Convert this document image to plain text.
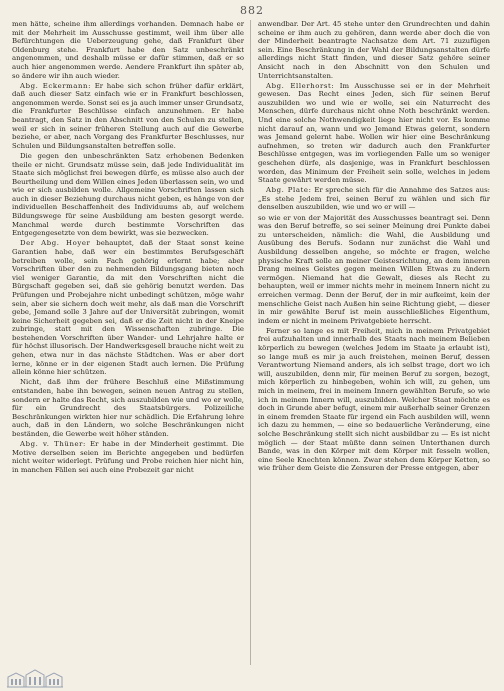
882

men hätte, scheine ihm allerdings vorhanden. Demnach habe er mit der Mehrheit im Ausschusse gestimmt, weil ihm über alle Befürchtungen die Ueberzeugung gehe, daß Frankfurt über Oldenburg stehe. Frankfurt habe den Satz unbeschränkt angenommen, und deshalb müsse er dafür stimmen, daß er so auch hier angenommen werde. Aendere Frankfurt ihn später ab, so ändere wir ihn auch wieder.

Abg. Eckermann: Er habe sich schon früher dafür erklärt, daß auch dieser Satz einfach wie er in Frankfurt beschlossen, angenommen werde. Sonst sei es ja auch immer unser Grundsatz, die Frankfurter Beschlüsse einfach anzunehmen. Er habe beantragt, den Satz in den Abschnitt von den Schulen zu stellen, weil er sich in seiner früheren Stellung auch auf die Gewerbe beziehe, er aber, nach Vorgang des Frankfurter Beschlusses, nur Schulen und Bildungsanstalten betreffen solle.

Die gegen den unbeschränkten Satz erhobenen Bedenken theile er nicht. Grundsatz müsse sein, daß jede Individualität im Staate sich möglichst frei bewegen dürfe, es müsse also auch der Beurtheilung und dem Willen eines Jeden überlassen sein, wo und wie er sich ausbilden wolle. Allgemeine Vorschriften lassen sich auch in dieser Beziehung durchaus nicht geben, es hänge von der individuellen Beschaffenheit des Individuums ab, auf welchem Bildungswege für seine Ausbildung am besten gesorgt werde. Manchmal werde durch bestimmte Vorschriften das Entgegengesetzte von dem bewirkt, was sie bezwecken.

Der Abg. Hoyer behauptet, daß der Staat sonst keine Garantien habe, daß wer ein bestimmtes Berufsgeschäft betreiben wolle, sein Fach gehörig erlernt habe; aber Vorschriften über den zu nehmenden Bildungsgang bieten noch viel weniger Garantie, da mit den Vorschriften nicht die Bürgschaft gegeben sei, daß sie gehörig benutzt werden. Das Prüfungen und Probejahre nicht unbedingt schützen, möge wahr sein, aber sie sichern doch weit mehr, als daß man die Vorschrift gebe, Jemand solle 3 Jahre auf der Universität zubringen, womit keine Sicherheit gegeben sei, daß er die Zeit nicht in der Kneipe zubringe, statt mit den Wissenschaften zubringe. Die bestehenden Vorschriften über Wander- und Lehrjahre halte er für höchst illusorisch. Der Handwerksgesell brauche nicht weit zu gehen, etwa nur in das nächste Städtchen. Was er aber dort lerne, könne er in der eigenen Stadt auch lernen. Die Prüfung allein könne hier schützen.

Nicht, daß ihm der frühere Beschluß eine Mißstimmung entstanden, habe ihn bewegen, seinen neuen Antrag zu stellen, sondern er halte das Recht, sich auszubilden wie und wo er wolle, für ein Grundrecht des Staatsbürgers. Polizeiliche Beschränkungen wirkten hier nur schädlich. Die Erfahrung lehre auch, daß in den Ländern, wo solche Beschränkungen nicht beständen, die Gewerbe weit höher ständen.

Abg. v. Thüner: Er habe in der Minderheit gestimmt. Die Motive derselben seien im Berichte angegeben und bedürfen nicht weiter widerlegt. Prüfung und Probe reichen hier nicht hin, in manchen Fällen sei auch eine Probezeit gar nicht

anwendbar. Der Art. 45 stehe unter den Grundrechten und dahin scheine er ihm auch zu gehören, dann werde aber doch die von der Minderheit beantragte Nachsatze dem Art. 71 zuzufügen sein. Eine Beschränkung in der Wahl der Bildungsanstalten dürfe allerdings nicht Statt finden, und dieser Satz gehöre seiner Ansicht nach in den Abschnitt von den Schulen und Unterrichtsanstalten.

Abg. Ellerhorst: Im Ausschusse sei er in der Mehrheit gewesen. Das Recht eines Jeden, sich für seinen Beruf auszubilden wo und wie er wolle, sei ein Naturrecht des Menschen, dürfe durchaus nicht ohne Noth beschränkt werden. Und eine solche Nothwendigkeit liege hier nicht vor. Es komme nicht darauf an, wann und wo Jemand Etwas gelernt, sondern was Jemand gelernt habe. Wollen wir hier eine Beschränkung aufnehmen, so treten wir dadurch auch den Frankfurter Beschlüsse entgegen, was im vorliegenden Falle um so weniger geschehen dürfe, als dasjenige, was in Frankfurt beschlossen worden, das Minimum der Freiheit sein solle, welches in jedem Staate gewährt werden müsse.

Abg. Plate: Er spreche sich für die Annahme des Satzes aus: „Es stehe Jedem frei, seinen Beruf zu wählen und sich für denselben auszubilden, wie und wo er will —

so wie er von der Majorität des Ausschusses beantragt sei. Denn was den Beruf betreffe, so sei seiner Meinung drei Punkte dabei zu unterscheiden, nämlich: die Wahl, die Ausbildung und Ausübung des Berufs. Sodann nur zunächst die Wahl und Ausbildung desselben angehe, so möchte er fragen, welche physische Kraft solle an meiner Geistesrichtung, an dem inneren Drang meines Geistes gegen meinen Willen Etwas zu ändern vermögen. Niemand hat die Gewalt, dieses als Recht zu behaupten, weil er immer nichts mehr in meinem Innern nicht zu erreichen vermag. Denn der Beruf, der in mir aufkeimt, kein der menschliche Geist nach Außen hin seine Richtung giebt, — dieser in mir gewählte Beruf ist mein ausschließliches Eigenthum, indem er nicht in meinem Privatgebiete herrscht.

Ferner so lange es mit Freiheit, mich in meinem Privatgebiet frei aufzuhalten und innerhalb des Staats nach meinem Belieben körperlich zu bewegen (welches Jedem im Staate ja erlaubt ist), so lange muß es mir ja auch freistehen, meinen Beruf, dessen Verantwortung Niemand anders, als ich selbst trage, dort wo ich will, auszubilden, denn mir, für meinen Beruf zu sorgen, bezogt, mich körperlich zu hinbegeben, wohin ich will, zu gehen, um mich in meinem, frei in meinem Innern gewählten Berufe, so wie ich in meinem Innern will, auszubilden. Welcher Staat möchte es doch in Grunde aber befugt, einem mir außerhalb seiner Grenzen in einem fremden Staate für irgend ein Fach ausbilden will, wenn ich dazu zu hemmen, — eine so bedauerliche Veränderung, eine solche Beschränkung stellt sich nicht ausbildbar zu — Es ist nicht möglich — der Staat müßte dann seinen Unterthanen durch Bande, was in den Körper mit dem Körper mit fesseln wollen, eine Seele Knechten können. Zwar stehen dem Körper Ketten, so wie früher dem Geiste die Zensuren der Presse entgegen, aber
